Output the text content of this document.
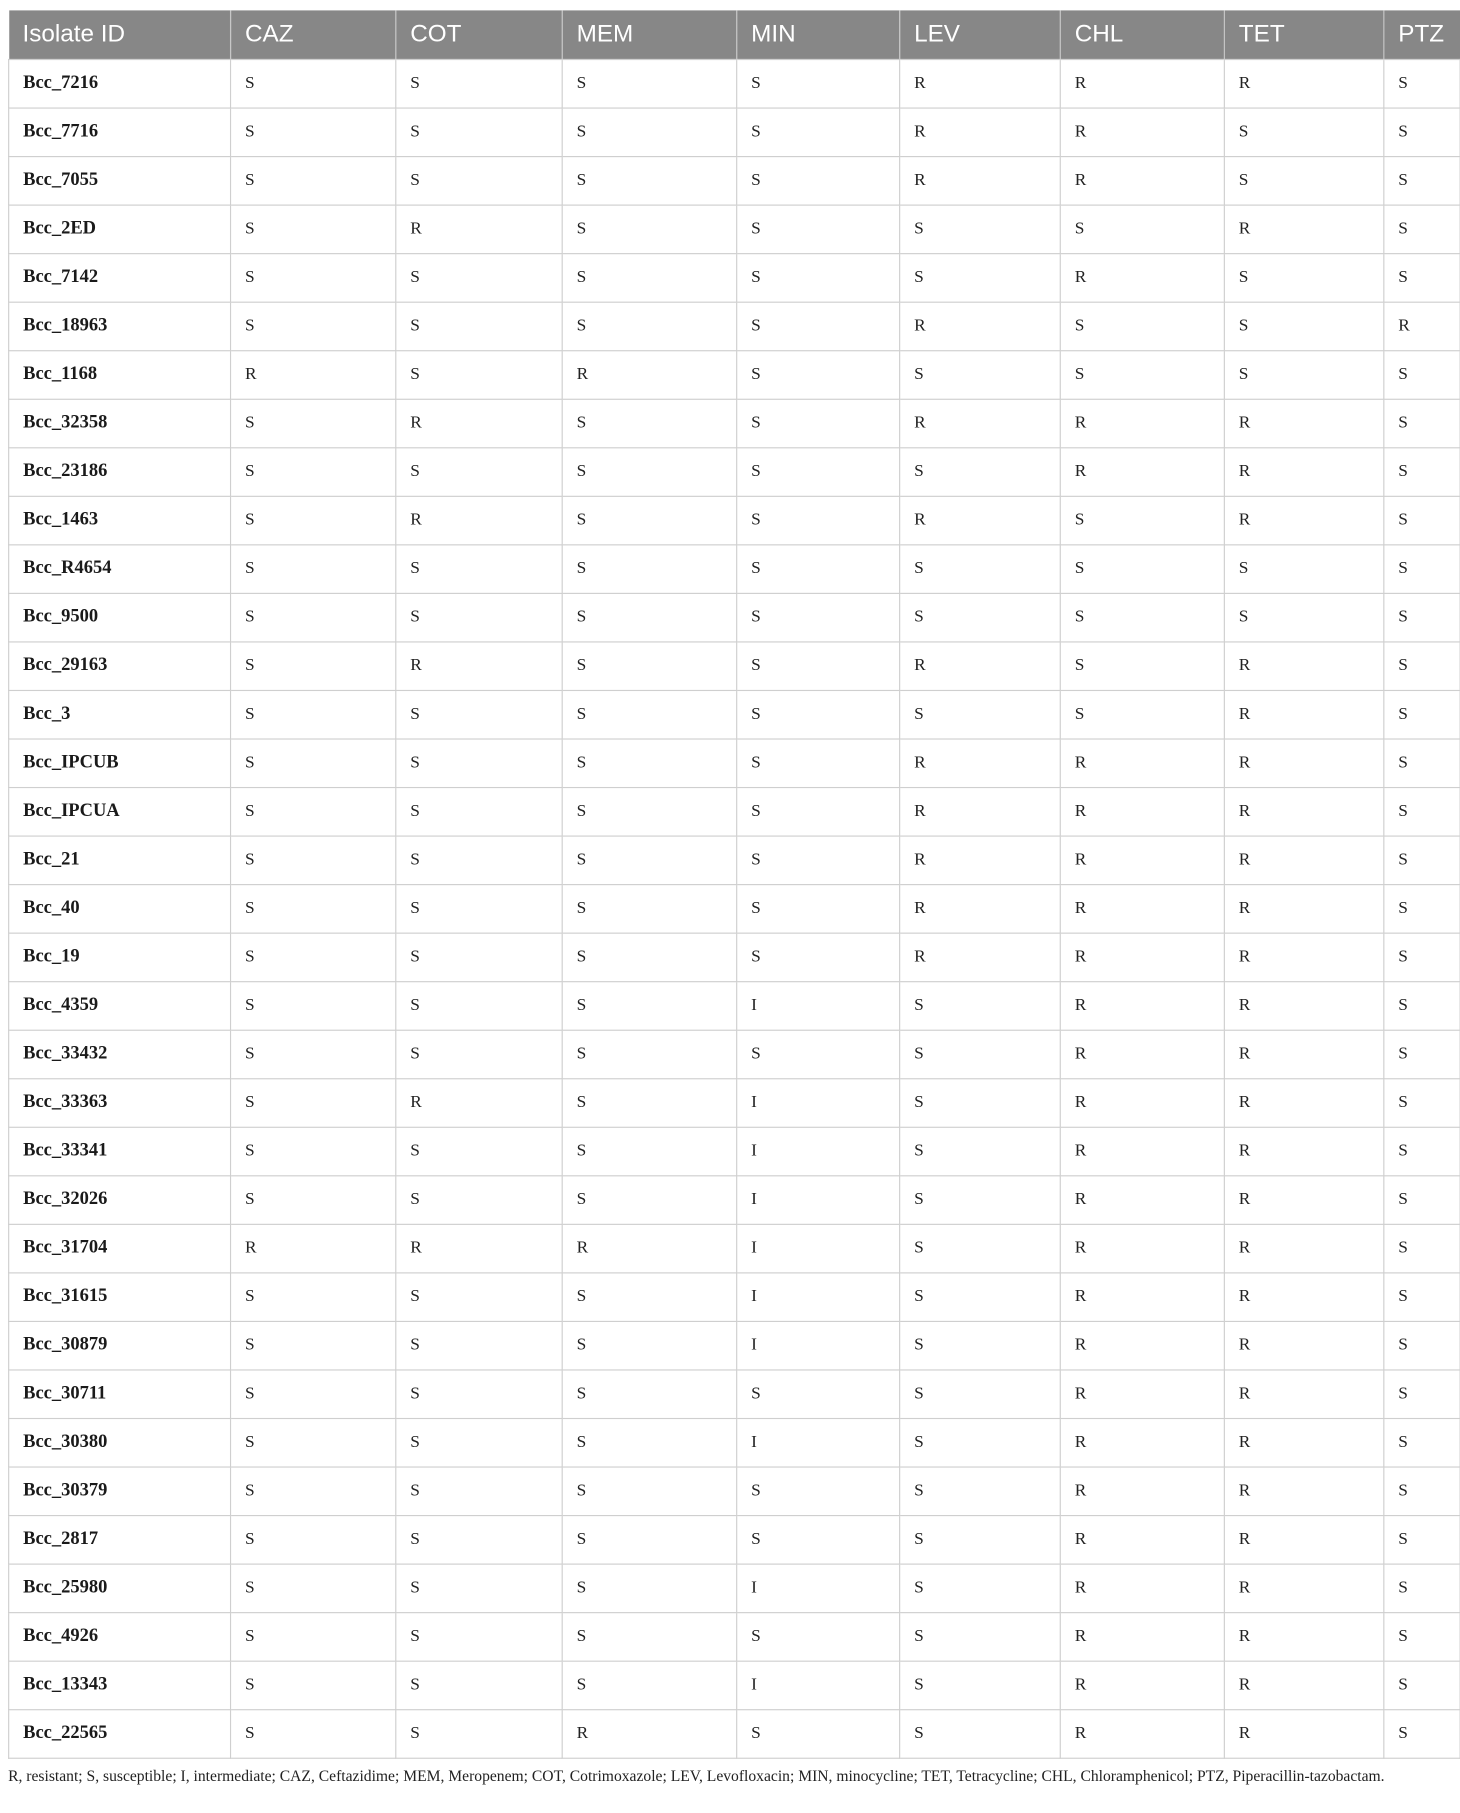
Isolate ID	CAZ	COT	MEM	MIN	LEV	CHL	TET	PTZ
Bcc_7216	S	S	S	S	R	R	R	S
Bcc_7716	S	S	S	S	R	R	S	S
Bcc_7055	S	S	S	S	R	R	S	S
Bcc_2ED	S	R	S	S	S	S	R	S
Bcc_7142	S	S	S	S	S	R	S	S
Bcc_18963	S	S	S	S	R	S	S	R
Bcc_1168	R	S	R	S	S	S	S	S
Bcc_32358	S	R	S	S	R	R	R	S
Bcc_23186	S	S	S	S	S	R	R	S
Bcc_1463	S	R	S	S	R	S	R	S
Bcc_R4654	S	S	S	S	S	S	S	S
Bcc_9500	S	S	S	S	S	S	S	S
Bcc_29163	S	R	S	S	R	S	R	S
Bcc_3	S	S	S	S	S	S	R	S
Bcc_IPCUB	S	S	S	S	R	R	R	S
Bcc_IPCUA	S	S	S	S	R	R	R	S
Bcc_21	S	S	S	S	R	R	R	S
Bcc_40	S	S	S	S	R	R	R	S
Bcc_19	S	S	S	S	R	R	R	S
Bcc_4359	S	S	S	I	S	R	R	S
Bcc_33432	S	S	S	S	S	R	R	S
Bcc_33363	S	R	S	I	S	R	R	S
Bcc_33341	S	S	S	I	S	R	R	S
Bcc_32026	S	S	S	I	S	R	R	S
Bcc_31704	R	R	R	I	S	R	R	S
Bcc_31615	S	S	S	I	S	R	R	S
Bcc_30879	S	S	S	I	S	R	R	S
Bcc_30711	S	S	S	S	S	R	R	S
Bcc_30380	S	S	S	I	S	R	R	S
Bcc_30379	S	S	S	S	S	R	R	S
Bcc_2817	S	S	S	S	S	R	R	S
Bcc_25980	S	S	S	I	S	R	R	S
Bcc_4926	S	S	S	S	S	R	R	S
Bcc_13343	S	S	S	I	S	R	R	S
Bcc_22565	S	S	R	S	S	R	R	S
R, resistant; S, susceptible; I, intermediate; CAZ, Ceftazidime; MEM, Meropenem; COT, Cotrimoxazole; LEV, Levofloxacin; MIN, minocycline; TET, Tetracycline; CHL, Chloramphenicol; PTZ, Piperacillin-tazobactam.
